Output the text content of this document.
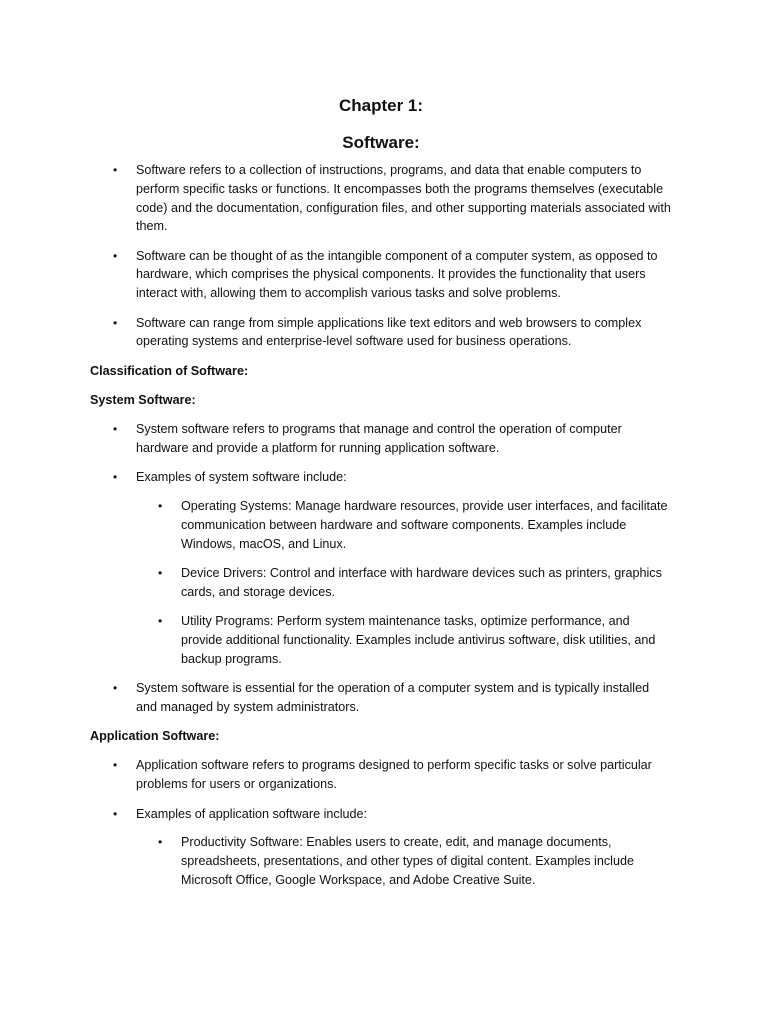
Chapter 1:
Software:
• Software refers to a collection of instructions, programs, and data that enable computers to perform specific tasks or functions. It encompasses both the programs themselves (executable code) and the documentation, configuration files, and other supporting materials associated with them.
• Software can be thought of as the intangible component of a computer system, as opposed to hardware, which comprises the physical components. It provides the functionality that users interact with, allowing them to accomplish various tasks and solve problems.
• Software can range from simple applications like text editors and web browsers to complex operating systems and enterprise-level software used for business operations.

Classification of Software:

System Software:

• System software refers to programs that manage and control the operation of computer hardware and provide a platform for running application software.
• Examples of system software include:
• Operating Systems: Manage hardware resources, provide user interfaces, and facilitate communication between hardware and software components. Examples include Windows, macOS, and Linux.
• Device Drivers: Control and interface with hardware devices such as printers, graphics cards, and storage devices.
• Utility Programs: Perform system maintenance tasks, optimize performance, and provide additional functionality. Examples include antivirus software, disk utilities, and backup programs.
• System software is essential for the operation of a computer system and is typically installed and managed by system administrators.

Application Software:

• Application software refers to programs designed to perform specific tasks or solve particular problems for users or organizations.
• Examples of application software include:
• Productivity Software: Enables users to create, edit, and manage documents, spreadsheets, presentations, and other types of digital content. Examples include Microsoft Office, Google Workspace, and Adobe Creative Suite.
